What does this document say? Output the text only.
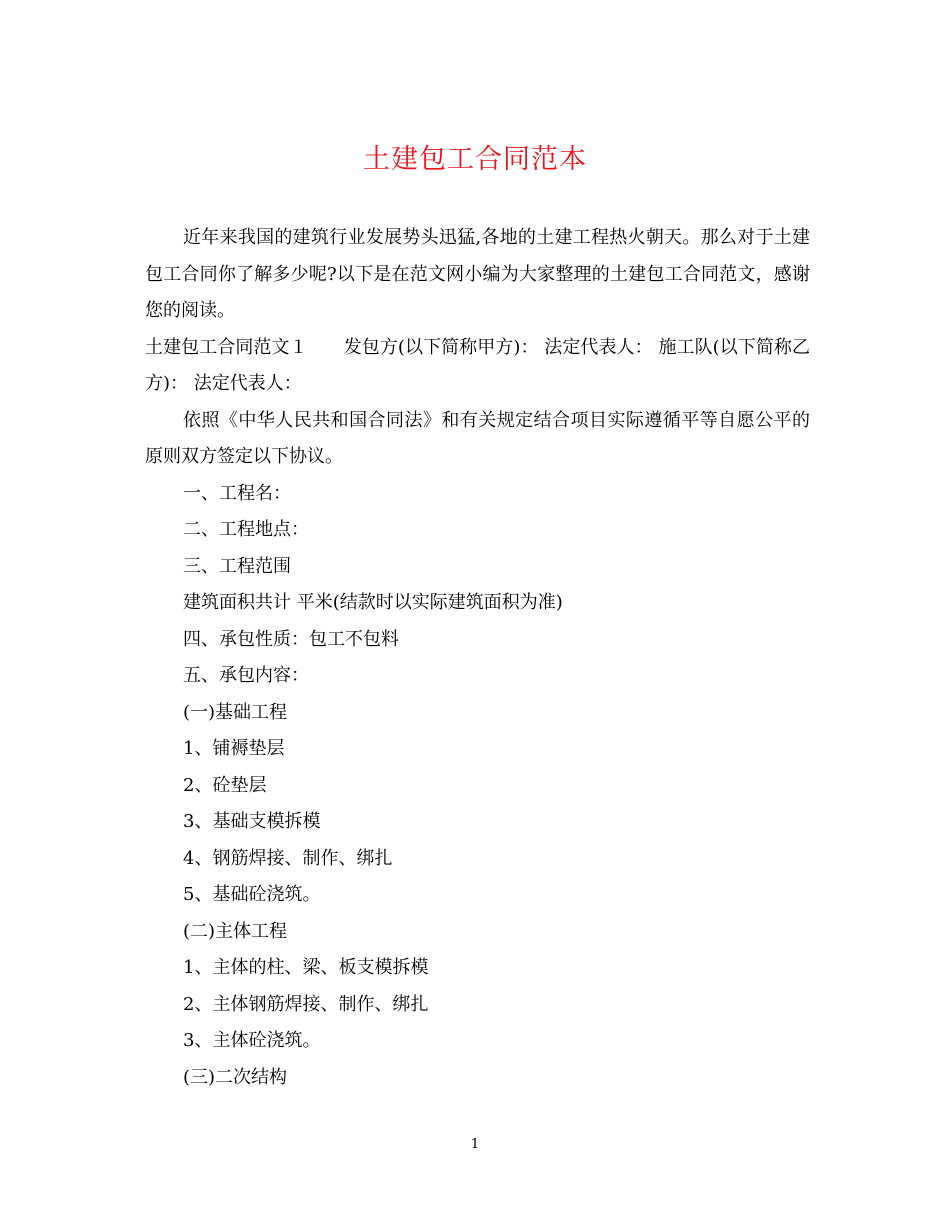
土建包工合同范本

近年来我国的建筑行业发展势头迅猛,各地的土建工程热火朝天。那么对于土建包工合同你了解多少呢?以下是在范文网小编为大家整理的土建包工合同范文，感谢您的阅读。

土建包工合同范文１　　发包方(以下简称甲方)： 法定代表人： 施工队(以下简称乙方)： 法定代表人：

依照《中华人民共和国合同法》和有关规定结合项目实际遵循平等自愿公平的原则双方签定以下协议。

一、工程名：

二、工程地点：

三、工程范围

建筑面积共计 平米(结款时以实际建筑面积为准)

四、承包性质：包工不包料

五、承包内容：

(一)基础工程

1、铺褥垫层

2、砼垫层

3、基础支模拆模

4、钢筋焊接、制作、绑扎

5、基础砼浇筑。

(二)主体工程

1、主体的柱、梁、板支模拆模

2、主体钢筋焊接、制作、绑扎

3、主体砼浇筑。

(三)二次结构

1
